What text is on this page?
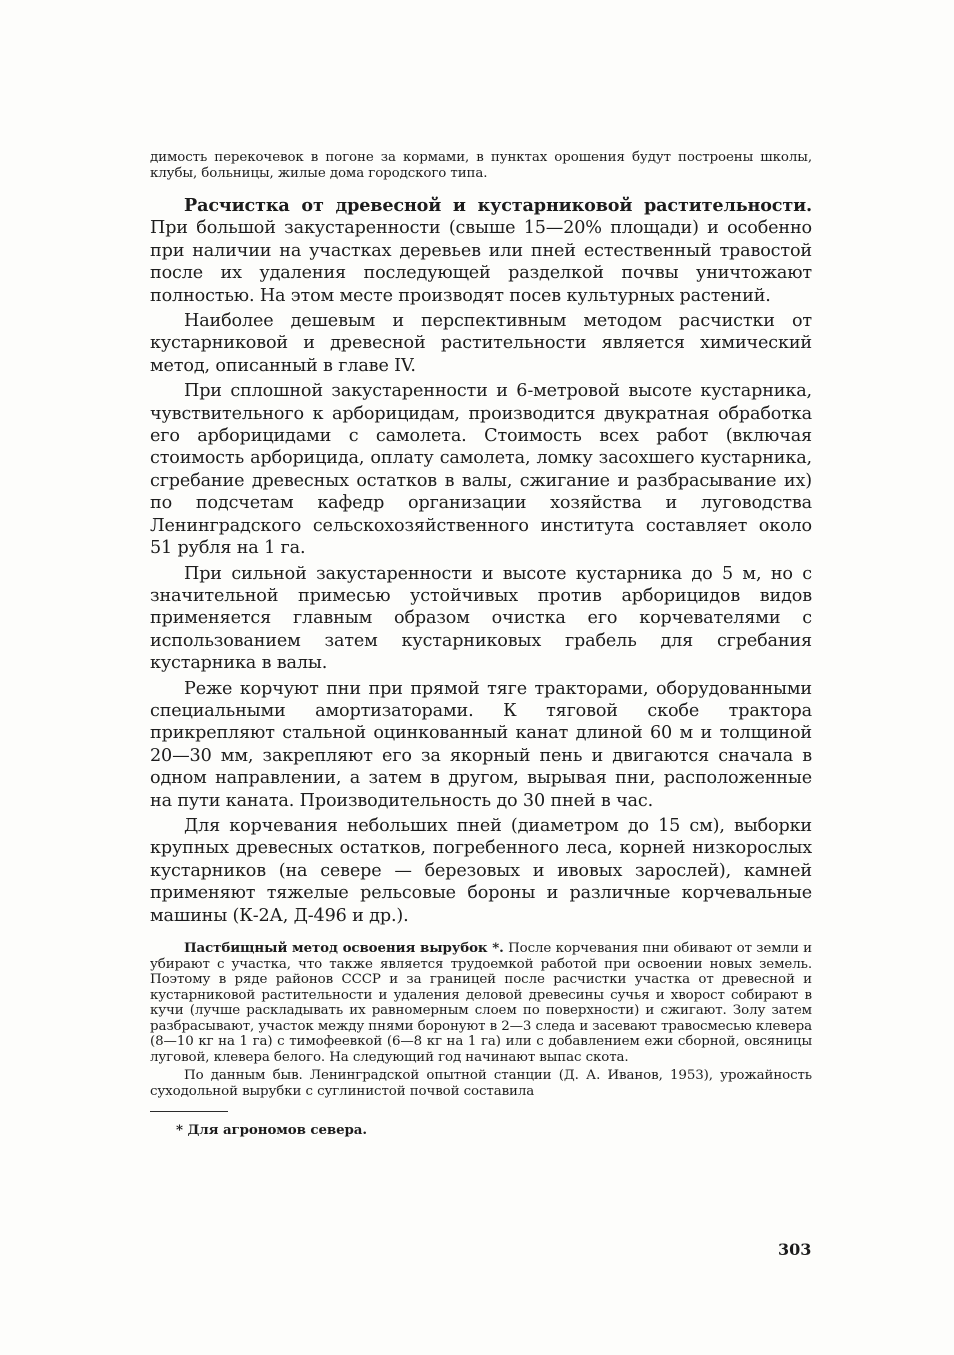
димость перекочевок в погоне за кормами, в пунктах орошения будут построены школы, клубы, больницы, жилые дома городского типа.

Расчистка от древесной и кустарниковой растительности. При большой закустаренности (свыше 15—20% площади) и особенно при наличии на участках деревьев или пней естественный травостой после их удаления последующей разделкой почвы уничтожают полностью. На этом месте производят посев культурных растений.

Наиболее дешевым и перспективным методом расчистки от кустарниковой и древесной растительности является химический метод, описанный в главе IV.

При сплошной закустаренности и 6-метровой высоте кустарника, чувствительного к арборицидам, производится двукратная обработка его арборицидами с самолета. Стоимость всех работ (включая стоимость арборицида, оплату самолета, ломку засохшего кустарника, сгребание древесных остатков в валы, сжигание и разбрасывание их) по подсчетам кафедр организации хозяйства и луговодства Ленинградского сельскохозяйственного института составляет около 51 рубля на 1 га.

При сильной закустаренности и высоте кустарника до 5 м, но с значительной примесью устойчивых против арборицидов видов применяется главным образом очистка его корчевателями с использованием затем кустарниковых грабель для сгребания кустарника в валы.

Реже корчуют пни при прямой тяге тракторами, оборудованными специальными амортизаторами. К тяговой скобе трактора прикрепляют стальной оцинкованный канат длиной 60 м и толщиной 20—30 мм, закрепляют его за якорный пень и двигаются сначала в одном направлении, а затем в другом, вырывая пни, расположенные на пути каната. Производительность до 30 пней в час.

Для корчевания небольших пней (диаметром до 15 см), выборки крупных древесных остатков, погребенного леса, корней низкорослых кустарников (на севере — березовых и ивовых зарослей), камней применяют тяжелые рельсовые бороны и различные корчевальные машины (К-2А, Д-496 и др.).

Пастбищный метод освоения вырубок *. После корчевания пни обивают от земли и убирают с участка, что также является трудоемкой работой при освоении новых земель. Поэтому в ряде районов СССР и за границей после расчистки участка от древесной и кустарниковой растительности и удаления деловой древесины сучья и хворост собирают в кучи (лучше раскладывать их равномерным слоем по поверхности) и сжигают. Золу затем разбрасывают, участок между пнями боронуют в 2—3 следа и засевают травосмесью клевера (8—10 кг на 1 га) с тимофеевкой (6—8 кг на 1 га) или с добавлением ежи сборной, овсяницы луговой, клевера белого. На следующий год начинают выпас скота.

По данным быв. Ленинградской опытной станции (Д. А. Иванов, 1953), урожайность суходольной вырубки с суглинистой почвой составила

* Для агрономов севера.

303
